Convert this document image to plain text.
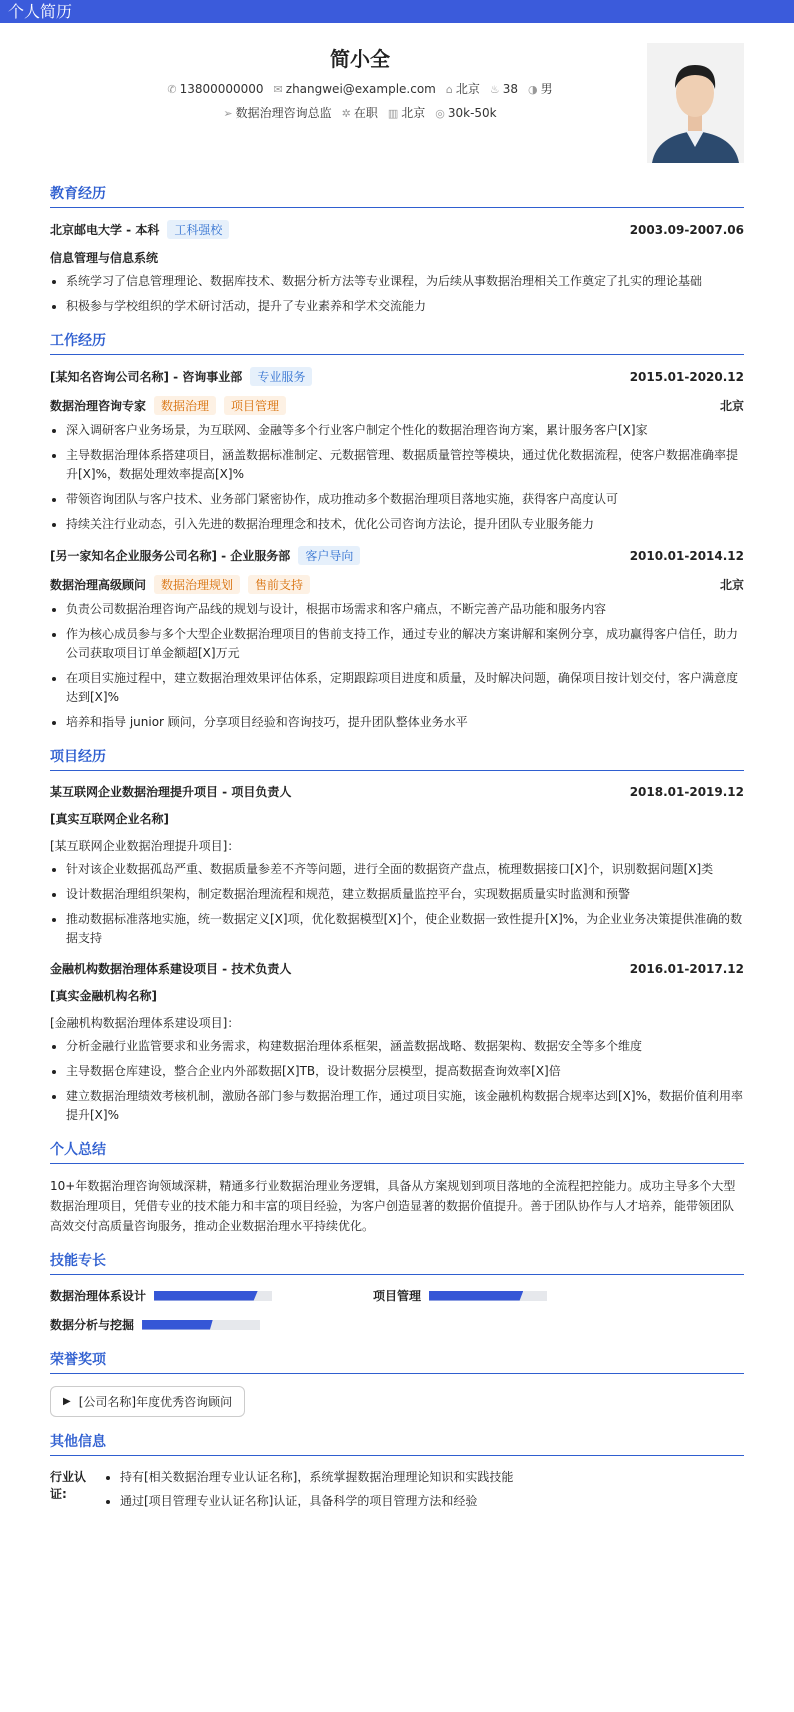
个人简历
简小全
✆ 13800000000 ✉ zhangwei@example.com ⌂ 北京 ♨ 38 ◑ 男
➢ 数据治理咨询总监 ✲ 在职 ▥ 北京 ◎ 30k-50k
教育经历
北京邮电大学 - 本科 工科强校	2003.09-2007.06
信息管理与信息系统
• 系统学习了信息管理理论、数据库技术、数据分析方法等专业课程，为后续从事数据治理相关工作奠定了扎实的理论基础
• 积极参与学校组织的学术研讨活动，提升了专业素养和学术交流能力
工作经历
[某知名咨询公司名称] - 咨询事业部 专业服务	2015.01-2020.12
数据治理咨询专家 数据治理 项目管理	北京
• 深入调研客户业务场景，为互联网、金融等多个行业客户制定个性化的数据治理咨询方案，累计服务客户[X]家
• 主导数据治理体系搭建项目，涵盖数据标准制定、元数据管理、数据质量管控等模块，通过优化数据流程，使客户数据准确率提升[X]%，数据处理效率提高[X]%
• 带领咨询团队与客户技术、业务部门紧密协作，成功推动多个数据治理项目落地实施，获得客户高度认可
• 持续关注行业动态，引入先进的数据治理理念和技术，优化公司咨询方法论，提升团队专业服务能力
[另一家知名企业服务公司名称] - 企业服务部 客户导向	2010.01-2014.12
数据治理高级顾问 数据治理规划 售前支持	北京
• 负责公司数据治理咨询产品线的规划与设计，根据市场需求和客户痛点，不断完善产品功能和服务内容
• 作为核心成员参与多个大型企业数据治理项目的售前支持工作，通过专业的解决方案讲解和案例分享，成功赢得客户信任，助力公司获取项目订单金额超[X]万元
• 在项目实施过程中，建立数据治理效果评估体系，定期跟踪项目进度和质量，及时解决问题，确保项目按计划交付，客户满意度达到[X]%
• 培养和指导 junior 顾问，分享项目经验和咨询技巧，提升团队整体业务水平
项目经历
某互联网企业数据治理提升项目 - 项目负责人	2018.01-2019.12
[真实互联网企业名称]
[某互联网企业数据治理提升项目]：
• 针对该企业数据孤岛严重、数据质量参差不齐等问题，进行全面的数据资产盘点，梳理数据接口[X]个，识别数据问题[X]类
• 设计数据治理组织架构，制定数据治理流程和规范，建立数据质量监控平台，实现数据质量实时监测和预警
• 推动数据标准落地实施，统一数据定义[X]项，优化数据模型[X]个，使企业数据一致性提升[X]%，为企业业务决策提供准确的数据支持
金融机构数据治理体系建设项目 - 技术负责人	2016.01-2017.12
[真实金融机构名称]
[金融机构数据治理体系建设项目]：
• 分析金融行业监管要求和业务需求，构建数据治理体系框架，涵盖数据战略、数据架构、数据安全等多个维度
• 主导数据仓库建设，整合企业内外部数据[X]TB，设计数据分层模型，提高数据查询效率[X]倍
• 建立数据治理绩效考核机制，激励各部门参与数据治理工作，通过项目实施，该金融机构数据合规率达到[X]%，数据价值利用率提升[X]%
个人总结
10+年数据治理咨询领域深耕，精通多行业数据治理业务逻辑，具备从方案规划到项目落地的全流程把控能力。成功主导多个大型数据治理项目，凭借专业的技术能力和丰富的项目经验，为客户创造显著的数据价值提升。善于团队协作与人才培养，能带领团队高效交付高质量咨询服务，推动企业数据治理水平持续优化。
技能专长
数据治理体系设计	项目管理
数据分析与挖掘
荣誉奖项
▶ [公司名称]年度优秀咨询顾问
其他信息
行业认证:
• 持有[相关数据治理专业认证名称]，系统掌握数据治理理论知识和实践技能
• 通过[项目管理专业认证名称]认证，具备科学的项目管理方法和经验
